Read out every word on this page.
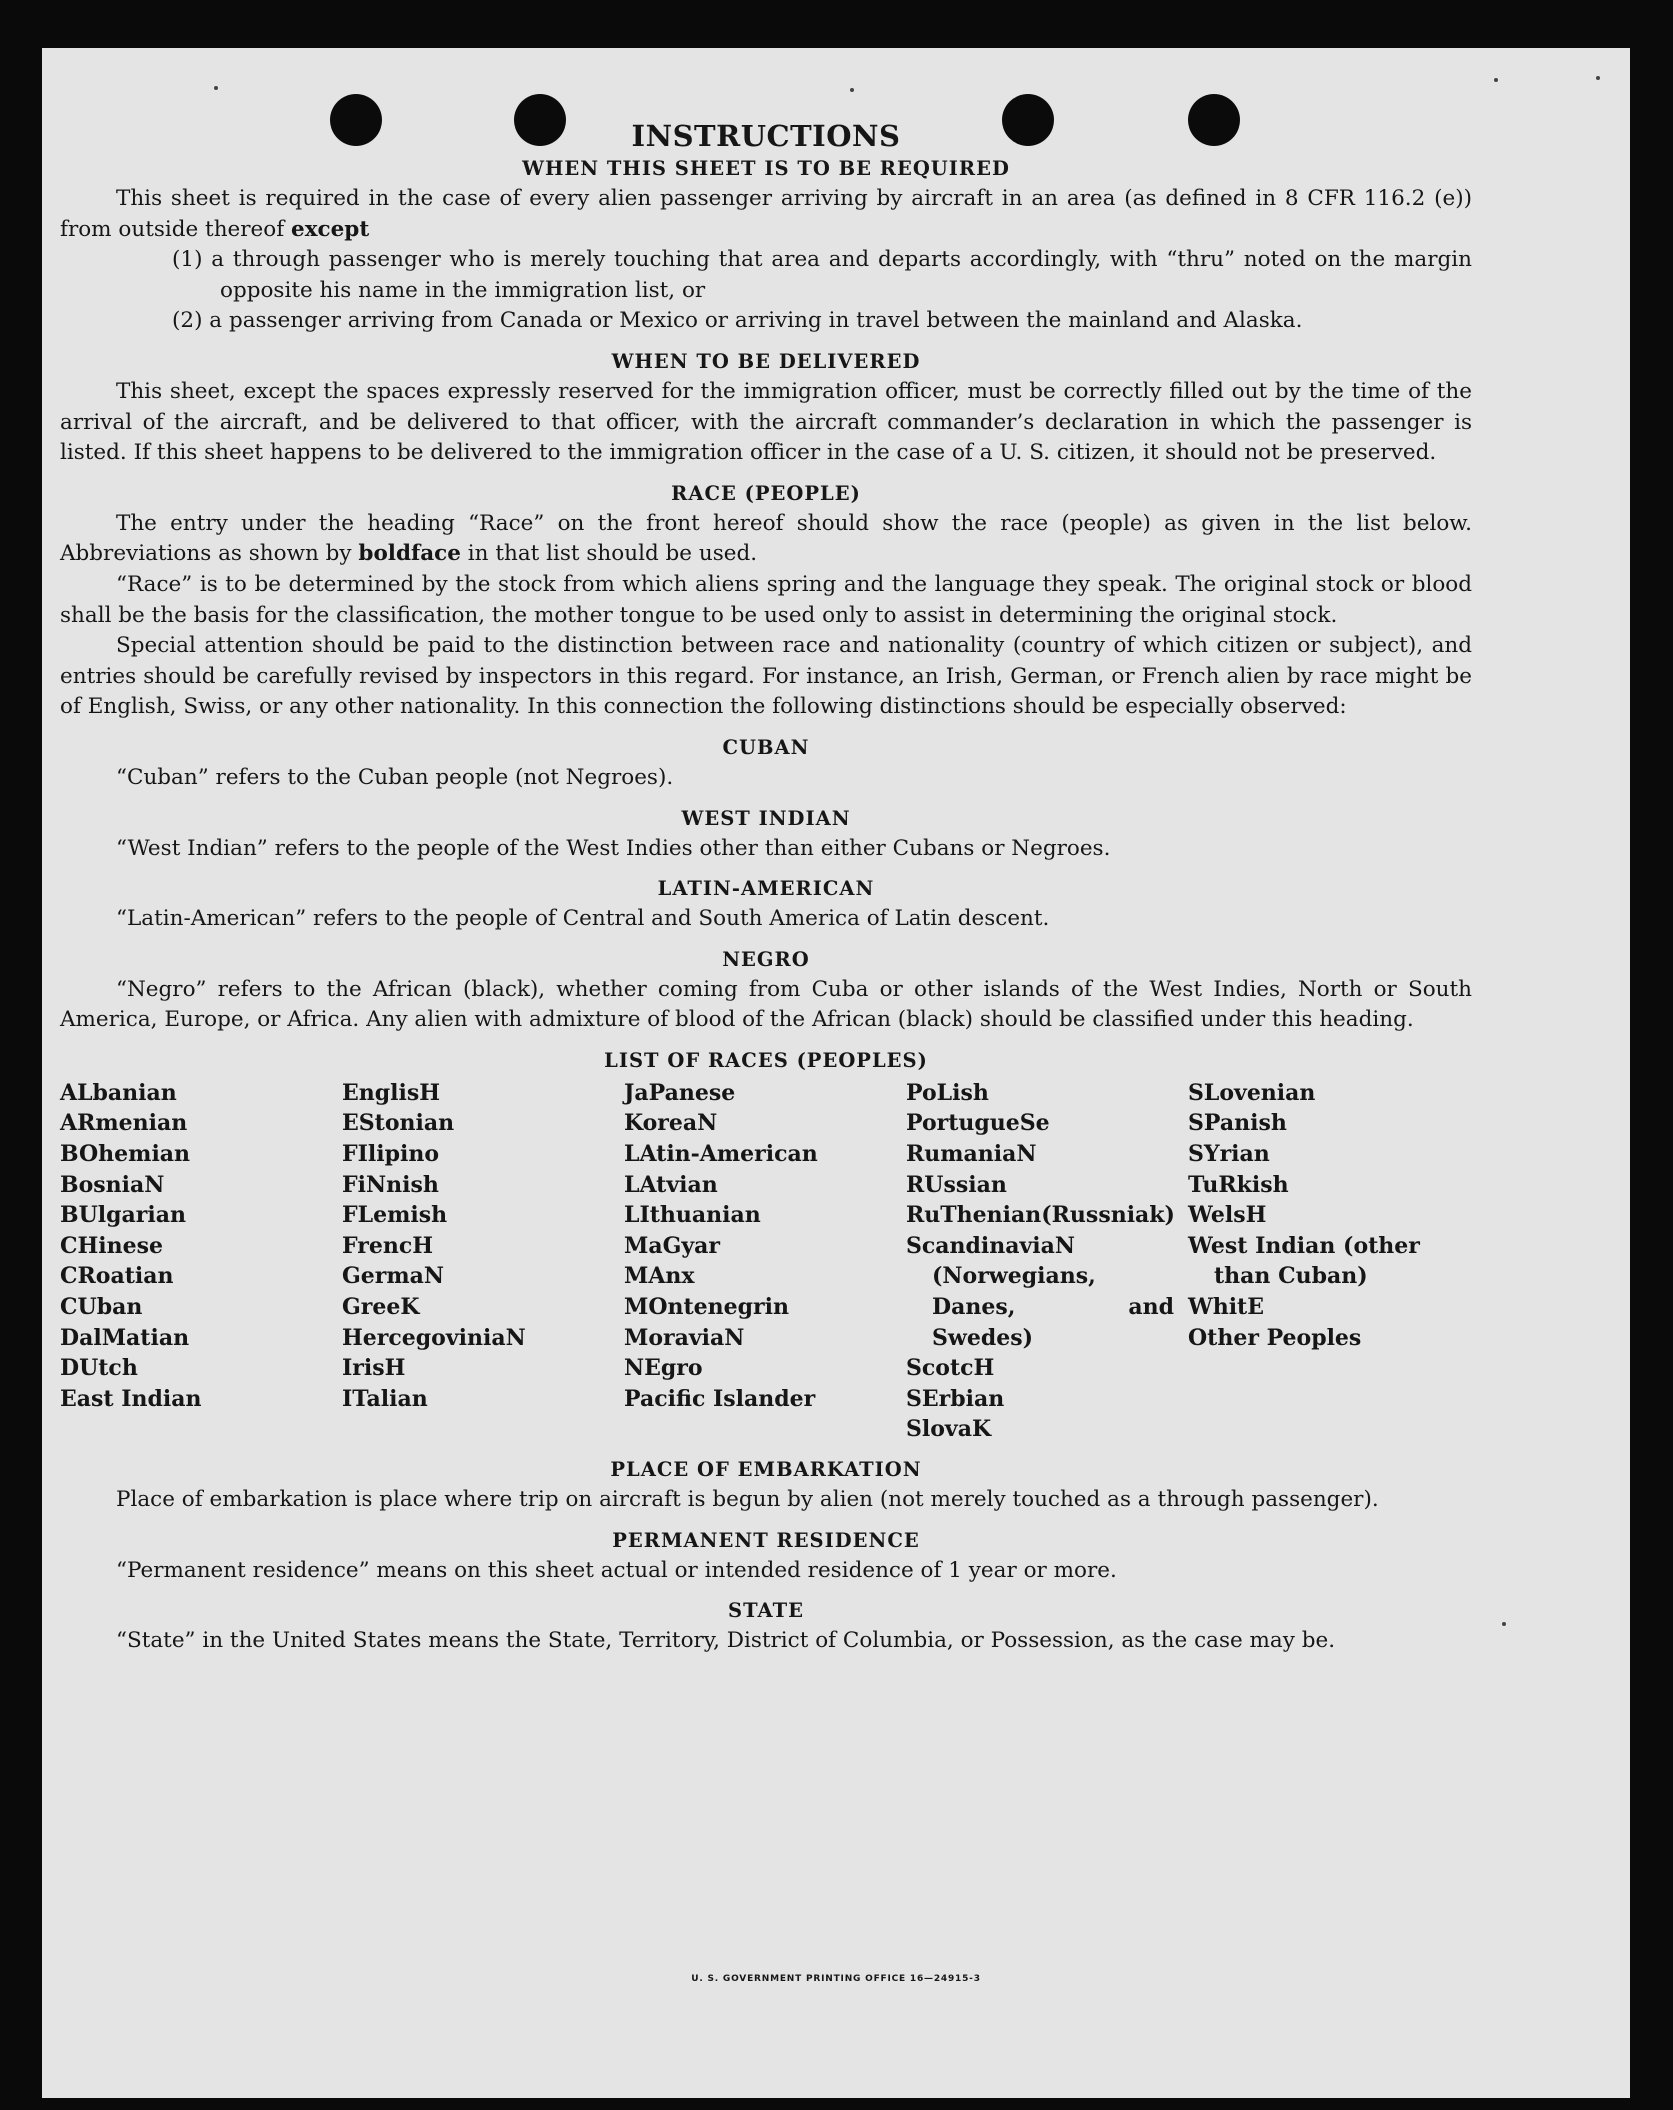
INSTRUCTIONS
WHEN THIS SHEET IS TO BE REQUIRED

This sheet is required in the case of every alien passenger arriving by aircraft in an area (as defined in 8 CFR 116.2 (e)) from outside thereof except

(1) a through passenger who is merely touching that area and departs accordingly, with “thru” noted on the margin opposite his name in the immigration list, or
(2) a passenger arriving from Canada or Mexico or arriving in travel between the mainland and Alaska.
WHEN TO BE DELIVERED

This sheet, except the spaces expressly reserved for the immigration officer, must be correctly filled out by the time of the arrival of the aircraft, and be delivered to that officer, with the aircraft commander’s declaration in which the passenger is listed. If this sheet happens to be delivered to the immigration officer in the case of a U. S. citizen, it should not be preserved.

RACE (PEOPLE)

The entry under the heading “Race” on the front hereof should show the race (people) as given in the list below. Abbreviations as shown by boldface in that list should be used.

“Race” is to be determined by the stock from which aliens spring and the language they speak. The original stock or blood shall be the basis for the classification, the mother tongue to be used only to assist in determining the original stock.

Special attention should be paid to the distinction between race and nationality (country of which citizen or subject), and entries should be carefully revised by inspectors in this regard. For instance, an Irish, German, or French alien by race might be of English, Swiss, or any other nationality. In this connection the following distinctions should be especially observed:

CUBAN

“Cuban” refers to the Cuban people (not Negroes).

WEST INDIAN

“West Indian” refers to the people of the West Indies other than either Cubans or Negroes.

LATIN-AMERICAN

“Latin-American” refers to the people of Central and South America of Latin descent.

NEGRO

“Negro” refers to the African (black), whether coming from Cuba or other islands of the West Indies, North or South America, Europe, or Africa. Any alien with admixture of blood of the African (black) should be classified under this heading.

LIST OF RACES (PEOPLES)
ALbanian
ARmenian
BOhemian
BosniaN
BUlgarian
CHinese
CRoatian
CUban
DalMatian
DUtch
East Indian
EnglisH
EStonian
FIlipino
FiNnish
FLemish
FrencH
GermaN
GreeK
HercegoviniaN
IrisH
ITalian
JaPanese
KoreaN
LAtin-American
LAtvian
LIthuanian
MaGyar
MAnx
MOntenegrin
MoraviaN
NEgro
Pacific Islander
PoLish
PortugueSe
RumaniaN
RUssian
RuThenian(Russniak)
ScandinaviaN (Norwegians, Danes, and Swedes)
ScotcH
SErbian
SlovaK
SLovenian
SPanish
SYrian
TuRkish
WelsH
West Indian (other than Cuban)
WhitE
Other Peoples
PLACE OF EMBARKATION

Place of embarkation is place where trip on aircraft is begun by alien (not merely touched as a through passenger).

PERMANENT RESIDENCE

“Permanent residence” means on this sheet actual or intended residence of 1 year or more.

STATE

“State” in the United States means the State, Territory, District of Columbia, or Possession, as the case may be.

U. S. GOVERNMENT PRINTING OFFICE 16—24915-3
